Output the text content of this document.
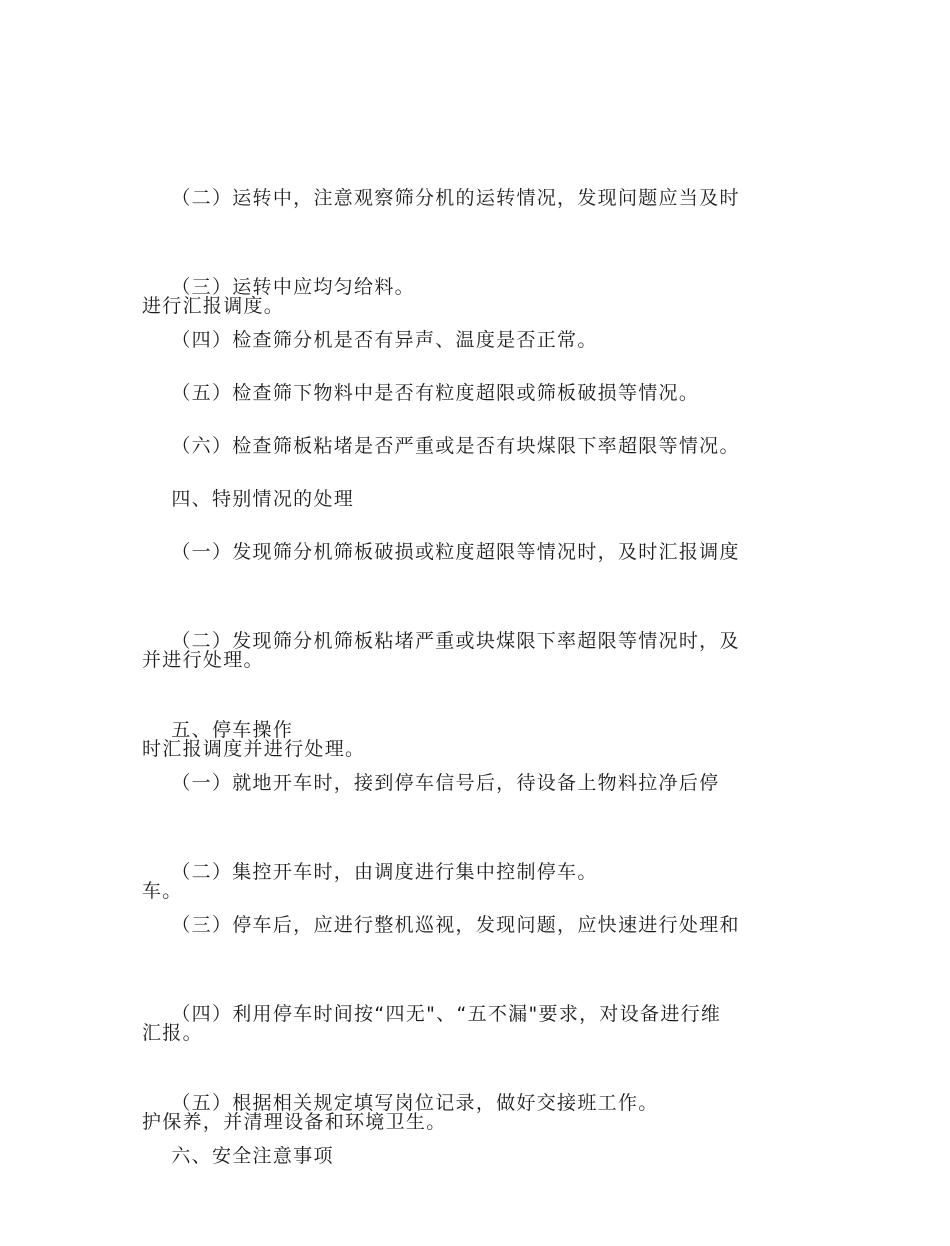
（二）运转中，注意观察筛分机的运转情况，发现问题应当及时

进行汇报调度。

（三）运转中应均匀给料。

（四）检查筛分机是否有异声、温度是否正常。

（五）检查筛下物料中是否有粒度超限或筛板破损等情况。

（六）检查筛板粘堵是否严重或是否有块煤限下率超限等情况。

四、特别情况的处理

（一）发现筛分机筛板破损或粒度超限等情况时，及时汇报调度

并进行处理。

（二）发现筛分机筛板粘堵严重或块煤限下率超限等情况时，及

时汇报调度并进行处理。

五、停车操作

（一）就地开车时，接到停车信号后，待设备上物料拉净后停

车。

（二）集控开车时，由调度进行集中控制停车。

（三）停车后，应进行整机巡视，发现问题，应快速进行处理和

汇报。

（四）利用停车时间按“四无"、“五不漏"要求，对设备进行维

护保养，并清理设备和环境卫生。

（五）根据相关规定填写岗位记录，做好交接班工作。

六、安全注意事项
